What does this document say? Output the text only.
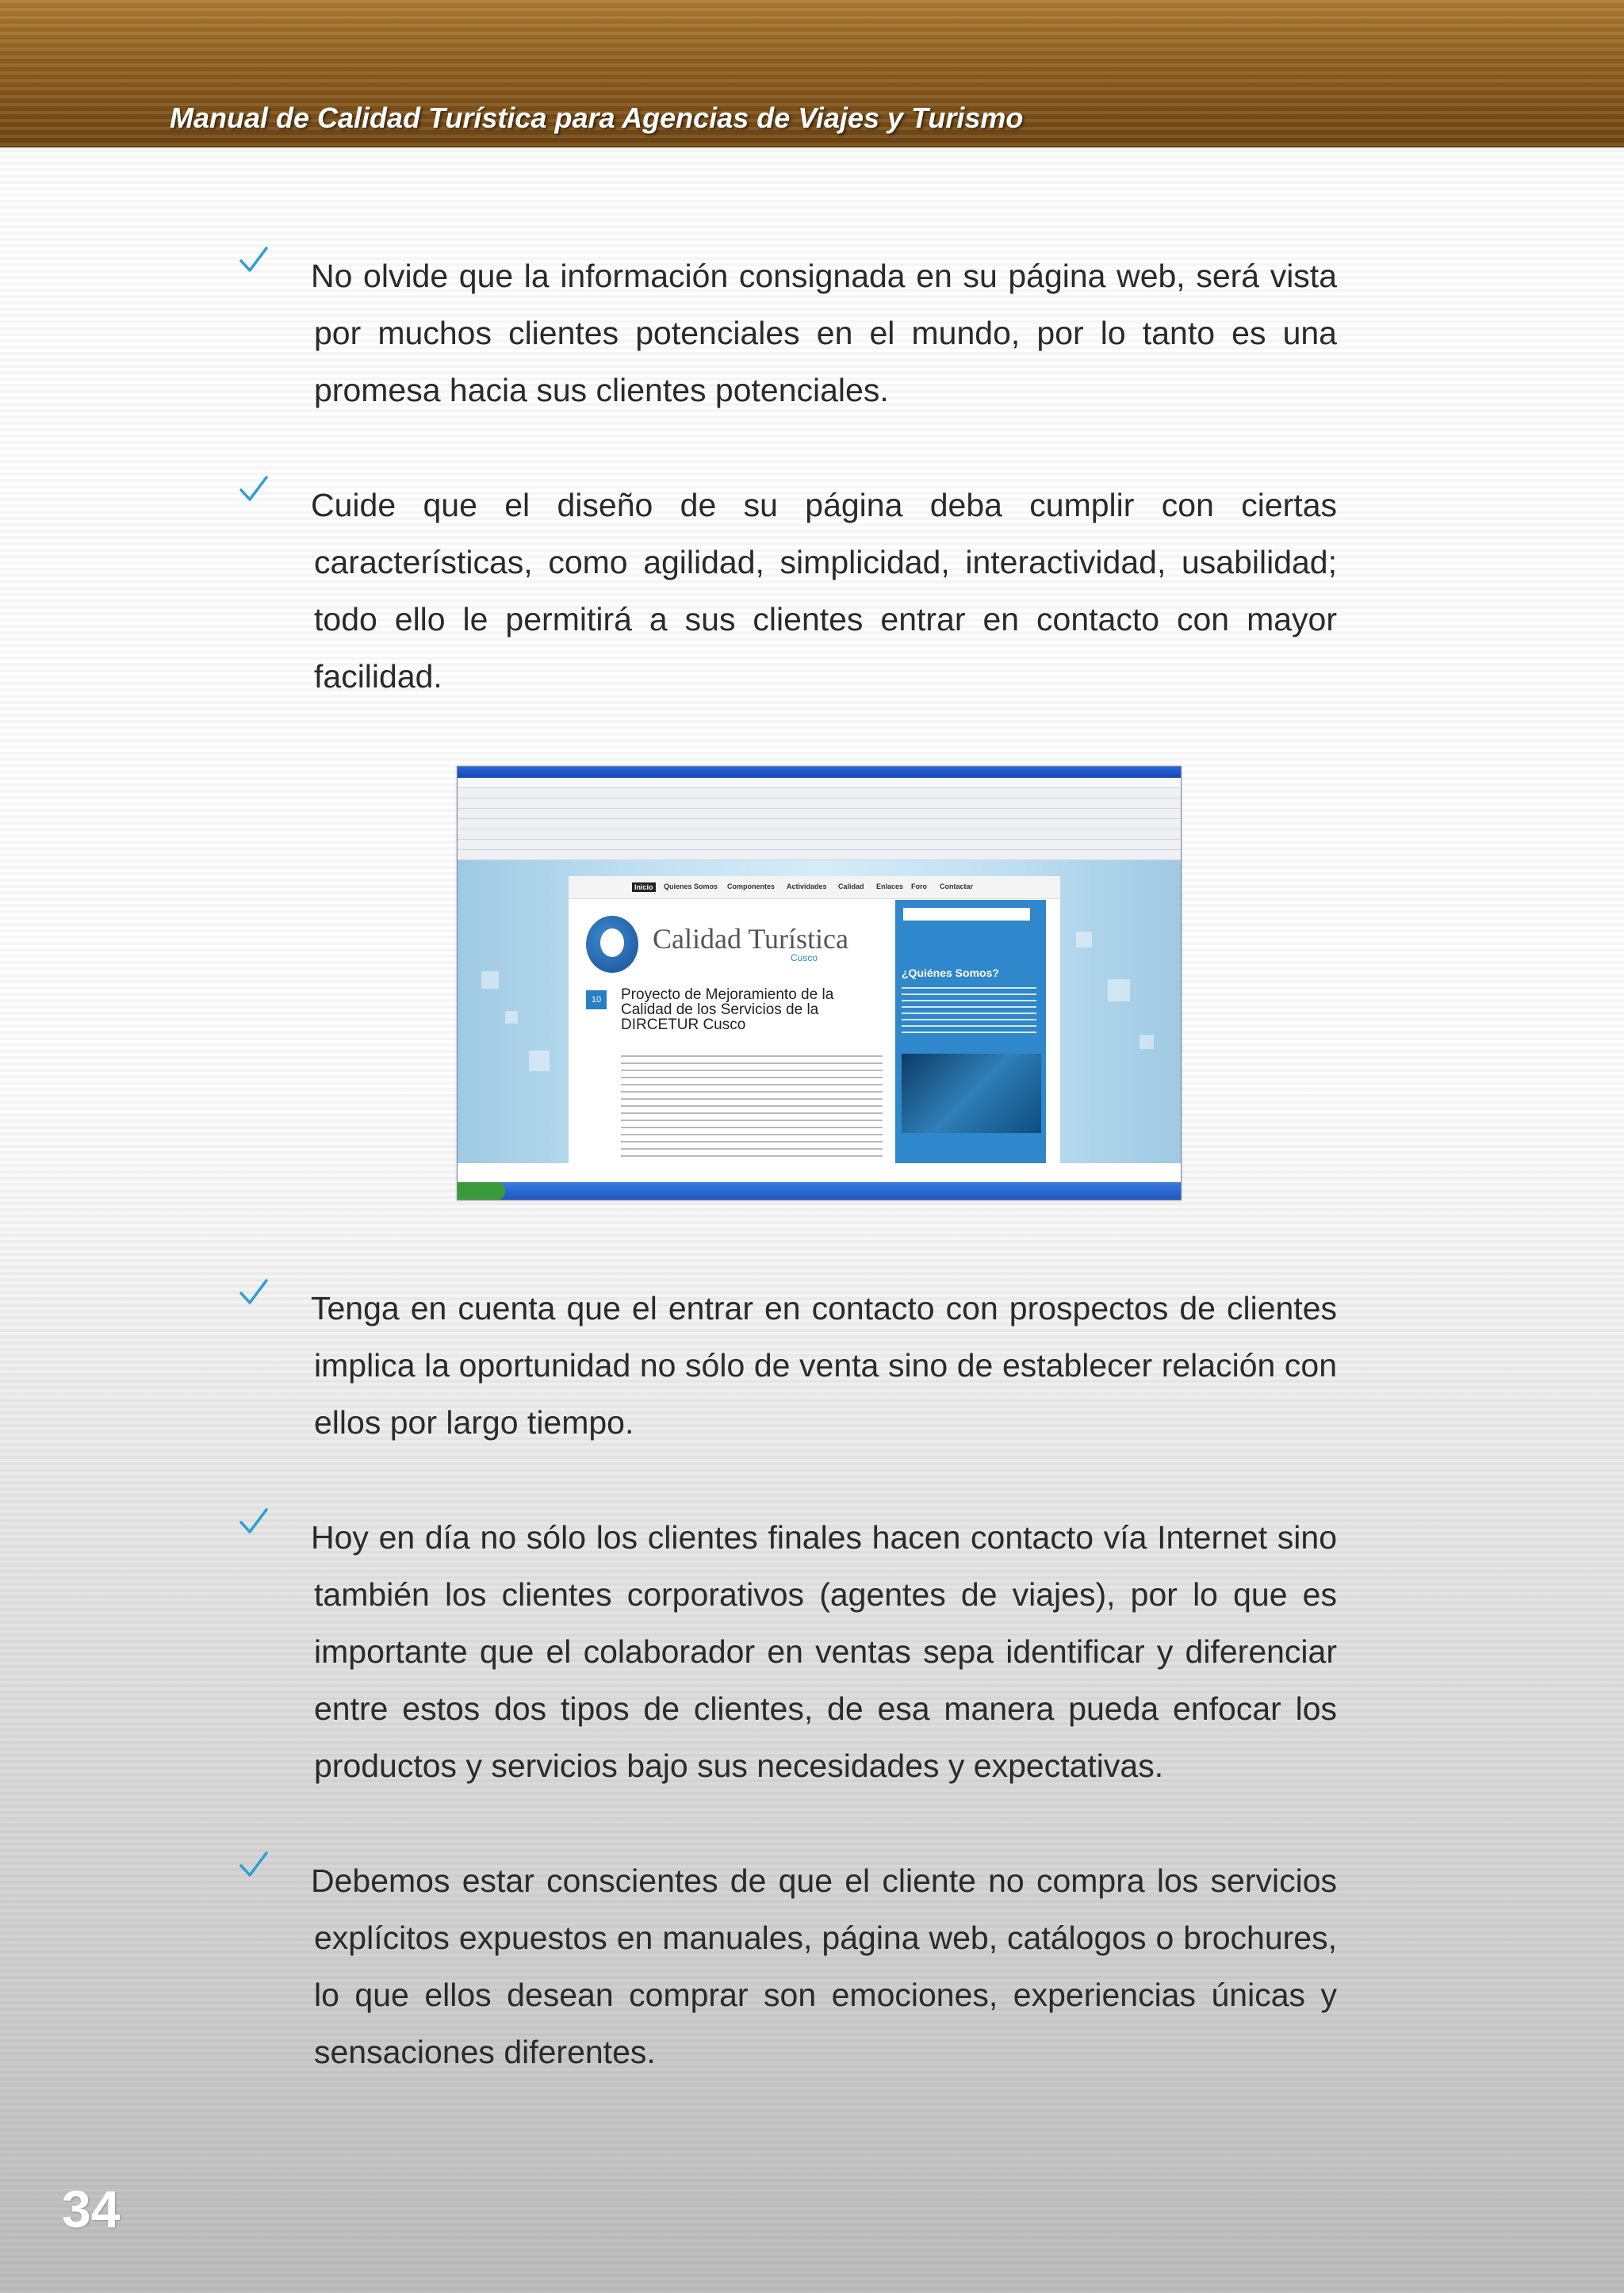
Manual de Calidad Turística para Agencias de Viajes y Turismo
No olvide que la información consignada en su página web, será vista por muchos clientes potenciales en el mundo, por lo tanto es una promesa hacia sus clientes potenciales.
Cuide que el diseño de su página deba cumplir con ciertas características, como agilidad, simplicidad, interactividad, usabilidad; todo ello le permitirá a sus clientes entrar en contacto con mayor facilidad.
Inicio	Quienes Somos Componentes Actividades Calidad Enlaces Foro Contactar
Calidad Turística
Cusco
10	Proyecto de Mejoramiento de la Calidad de los Servicios de la DIRCETUR Cusco
¿Quiénes Somos?
Tenga en cuenta que el entrar en contacto con prospectos de clientes implica la oportunidad no sólo de venta sino de establecer relación con ellos por largo tiempo.
Hoy en día no sólo los clientes finales hacen contacto vía Internet sino también los clientes corporativos (agentes de viajes), por lo que es importante que el colaborador en ventas sepa identificar y diferenciar entre estos dos tipos de clientes, de esa manera pueda enfocar los productos y servicios bajo sus necesidades y expectativas.
Debemos estar conscientes de que el cliente no compra los servicios explícitos expuestos en manuales, página web, catálogos o brochures, lo que ellos desean comprar son emociones, experiencias únicas y sensaciones diferentes.
34
